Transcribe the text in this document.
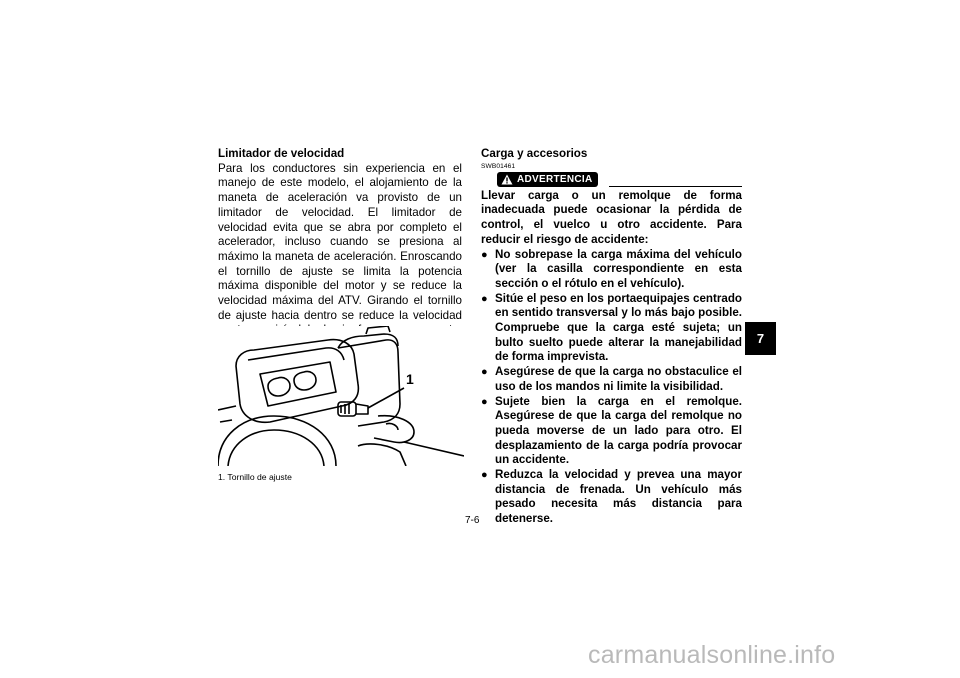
Limitador de velocidad

Para los conductores sin experiencia en el manejo de este modelo, el alojamiento de la maneta de aceleración va provisto de un limitador de velocidad. El limitador de velocidad evita que se abra por completo el acelerador, incluso cuando se presiona al máximo la maneta de aceleración. Enroscando el tornillo de ajuste se limita la potencia máxima disponible del motor y se reduce la velocidad máxima del ATV. Girando el tornillo de ajuste hacia dentro se reduce la velocidad

1
1. Tornillo de ajuste

Carga y accesorios

SWB01461

ADVERTENCIA

Llevar carga o un remolque de forma inadecuada puede ocasionar la pérdida de control, el vuelco u otro accidente. Para reducir el riesgo de accidente:

● No sobrepase la carga máxima del vehículo (ver la casilla correspondiente en esta sección o el rótulo en el vehículo).
● Sitúe el peso en los portaequipajes centrado en sentido transversal y lo más bajo posible. Compruebe que la carga esté sujeta; un bulto suelto puede alterar la manejabilidad de forma imprevista.
● Asegúrese de que la carga no obstaculice el uso de los mandos ni limite la visibilidad.
● Sujete bien la carga en el remolque. Asegúrese de que la carga del remolque no pueda moverse de un lado para otro. El desplazamiento de la carga podría provocar un accidente.
● Reduzca la velocidad y prevea una mayor distancia de frenada. Un vehículo más pesado necesita más distancia para detenerse.
7
7-6
carmanualsonline.info
